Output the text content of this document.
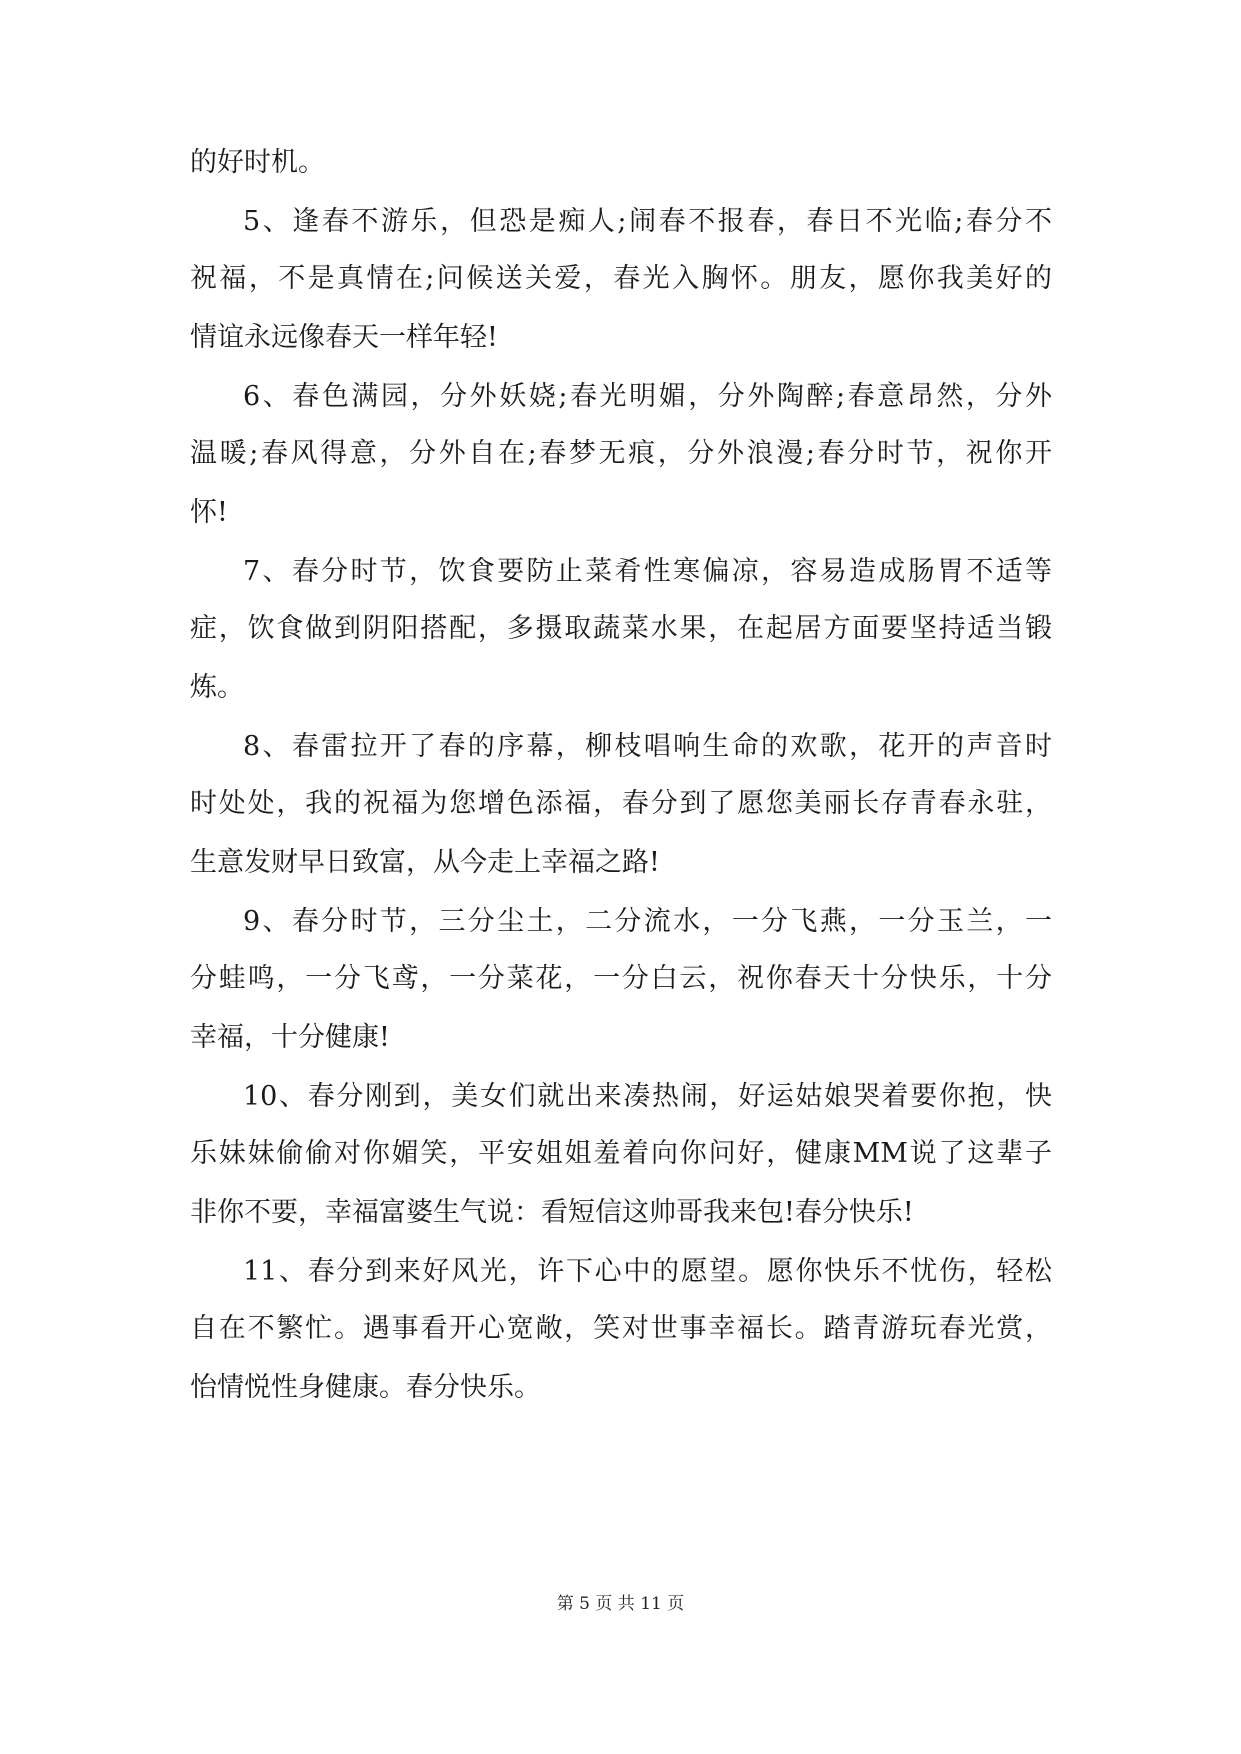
的好时机。
5、逢春不游乐，但恐是痴人;闹春不报春，春日不光临;春分不
祝福，不是真情在;问候送关爱，春光入胸怀。朋友，愿你我美好的
情谊永远像春天一样年轻!
6、春色满园，分外妖娆;春光明媚，分外陶醉;春意昂然，分外
温暖;春风得意，分外自在;春梦无痕，分外浪漫;春分时节，祝你开
怀!
7、春分时节，饮食要防止菜肴性寒偏凉，容易造成肠胃不适等
症，饮食做到阴阳搭配，多摄取蔬菜水果，在起居方面要坚持适当锻
炼。
8、春雷拉开了春的序幕，柳枝唱响生命的欢歌，花开的声音时
时处处，我的祝福为您增色添福，春分到了愿您美丽长存青春永驻，
生意发财早日致富，从今走上幸福之路!
9、春分时节，三分尘土，二分流水，一分飞燕，一分玉兰，一
分蛙鸣，一分飞鸢，一分菜花，一分白云，祝你春天十分快乐，十分
幸福，十分健康!
10、春分刚到，美女们就出来凑热闹，好运姑娘哭着要你抱，快
乐妹妹偷偷对你媚笑，平安姐姐羞着向你问好，健康MM说了这辈子
非你不要，幸福富婆生气说：看短信这帅哥我来包!春分快乐!
11、春分到来好风光，许下心中的愿望。愿你快乐不忧伤，轻松
自在不繁忙。遇事看开心宽敞，笑对世事幸福长。踏青游玩春光赏，
怡情悦性身健康。春分快乐。
第 5 页 共 11 页
